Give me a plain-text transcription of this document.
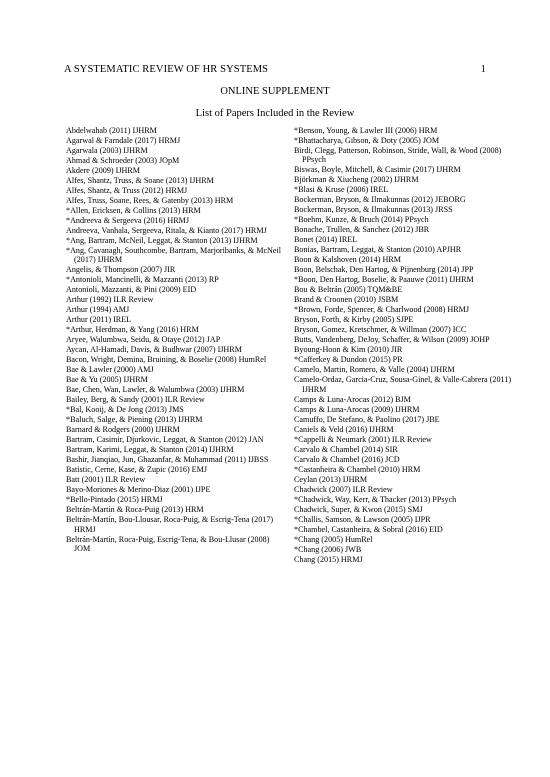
A SYSTEMATIC REVIEW OF HR SYSTEMS	1
ONLINE SUPPLEMENT
List of Papers Included in the Review
Abdelwahab (2011) IJHRM
Agarwal & Farndale (2017) HRMJ
Agarwala (2003) IJHRM
Ahmad & Schroeder (2003) JOpM
Akdere (2009) IJHRM
Alfes, Shantz, Truss, & Soane (2013) IJHRM
Alfes, Shantz, & Truss (2012) HRMJ
Alfes, Truss, Soane, Rees, & Gatenby (2013) HRM
*Allen, Ericksen, & Collins (2013) HRM
*Andreeva & Sergeeva (2016) HRMJ
Andreeva, Vanhala, Sergeeva, Ritala, & Kianto (2017) HRMJ
*Ang, Bartram, McNeil, Leggat, & Stanton (2013) IJHRM
*Ang, Cavanagh, Southcombe, Bartram, Marjoribanks, & McNeil (2017) IJHRM
Angelis, & Thompson (2007) JIR
*Antonioli, Mancinelli, & Mazzanti (2013) RP
Antonioli, Mazzanti, & Pini (2009) EID
Arthur (1992) ILR Review
Arthur (1994) AMJ
Arthur (2011) IREL
*Arthur, Herdman, & Yang (2016) HRM
Aryee, Walumbwa, Seidu, & Otaye (2012) JAP
Aycan, Al-Hamadi, Davis, & Budhwar (2007) IJHRM
Bacon, Wright, Demina, Bruining, & Boselie (2008) HumRel
Bae & Lawler (2000) AMJ
Bae & Yu (2005) IJHRM
Bae, Chen, Wan, Lawler, & Walumbwa (2003) IJHRM
Bailey, Berg, & Sandy (2001) ILR Review
*Bal, Kooij, & De Jong (2013) JMS
*Baluch, Salge, & Piening (2013) IJHRM
Barnard & Rodgers (2000) IJHRM
Bartram, Casimir, Djurkovic, Leggat, & Stanton (2012) JAN
Bartram, Karimi, Leggat, & Stanton (2014) IJHRM
Bashir, Jianqiao, Jun, Ghazanfar, & Muhammad (2011) IJBSS
Batistic, Cerne, Kase, & Zupic (2016) EMJ
Batt (2001) ILR Review
Bayo-Moriones & Merino-Diaz (2001) IJPE
*Bello-Pintado (2015) HRMJ
Beltrán-Martín & Roca-Puig (2013) HRM
Beltrán-Martín, Bou-Llousar, Roca-Puig, & Escrig-Tena (2017) HRMJ
Beltrán-Martín, Roca-Puig, Escrig-Tena, & Bou-Llusar (2008) JOM
*Benson, Young, & Lawler III (2006) HRM
*Bhattacharya, Gibson, & Doty (2005) JOM
Birdi, Clegg, Patterson, Robinson, Stride, Wall, & Wood (2008) PPsych
Biswas, Boyle, Mitchell, & Casimir (2017) IJHRM
Björkman & Xiucheng (2002) IJHRM
*Blasi & Kruse (2006) IREL
Bockerman, Bryson, & Ilmakunnas (2012) JEBORG
Bockerman, Bryson, & Ilmakunnas (2013) JRSS
*Boehm, Kunze, & Bruch (2014) PPsych
Bonache, Trullen, & Sanchez (2012) JBR
Bonet (2014) IREL
Bonias, Bartram, Leggat, & Stanton (2010) APJHR
Boon & Kalshoven (2014) HRM
Boon, Belschak, Den Hartog, & Pijnenburg (2014) JPP
*Boon, Den Hartog, Boselie, & Paauwe (2011) IJHRM
Bou & Beltrán (2005) TQM&BE
Brand & Croonen (2010) JSBM
*Brown, Forde, Spencer, & Charlwood (2008) HRMJ
Bryson, Forth, & Kirby (2005) SJPE
Bryson, Gomez, Kretschmer, & Willman (2007) ICC
Butts, Vandenberg, DeJoy, Schaffer, & Wilson (2009) JOHP
Byoung-Hoon & Kim (2010) JIR
*Cafferkey & Dundon (2015) PR
Camelo, Martin, Romero, & Valle (2004) IJHRM
Camelo-Ordaz, Garcia-Cruz, Sousa-Ginel, & Valle-Cabrera (2011) IJHRM
Camps & Luna-Arocas (2012) BJM
Camps & Luna-Arocas (2009) IJHRM
Camuffo, De Stefano, & Paolino (2017) JBE
Caniels & Veld (2016) IJHRM
*Cappelli & Neumark (2001) ILR Review
Carvalo & Chambel (2014) SIR
Carvalo & Chambel (2016) JCD
*Castanheira & Chambel (2010) HRM
Ceylan (2013) IJHRM
Chadwick (2007) ILR Review
*Chadwick, Way, Kerr, & Thacker (2013) PPsych
Chadwick, Super, & Kwon (2015) SMJ
*Challis, Samson, & Lawson (2005) IJPR
*Chambel, Castanheira, & Sobral (2016) EID
*Chang (2005) HumRel
*Chang (2006) JWB
Chang (2015) HRMJ
